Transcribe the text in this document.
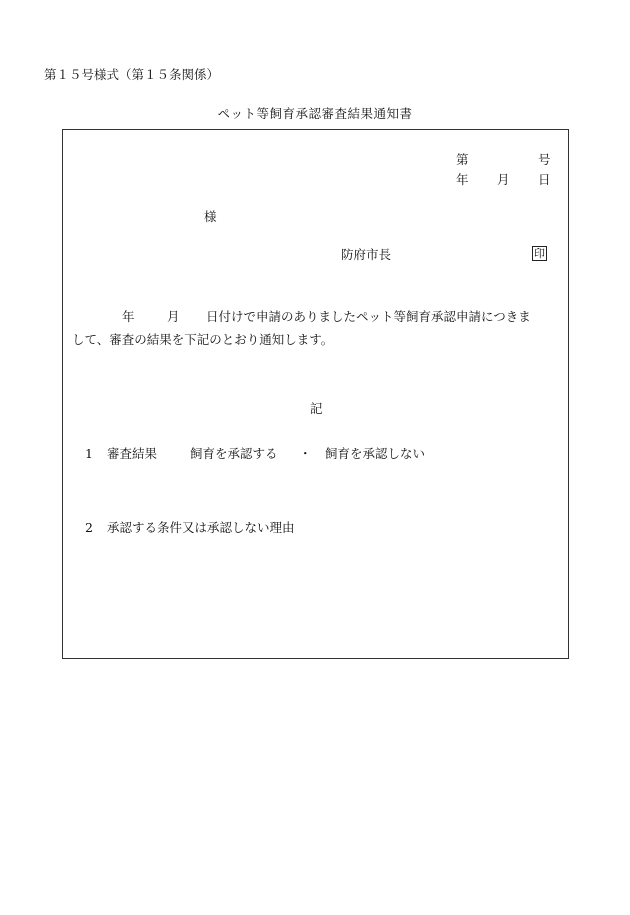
第１５号様式（第１５条関係）
ペット等飼育承認審査結果通知書
第	号
年 月 日
様
防府市長	印
年	月 日付けで申請のありましたペット等飼育承認申請につきま
して、審査の結果を下記のとおり通知します。
記
1 審査結果	飼育を承認する ・ 飼育を承認しない
2 承認する条件又は承認しない理由
